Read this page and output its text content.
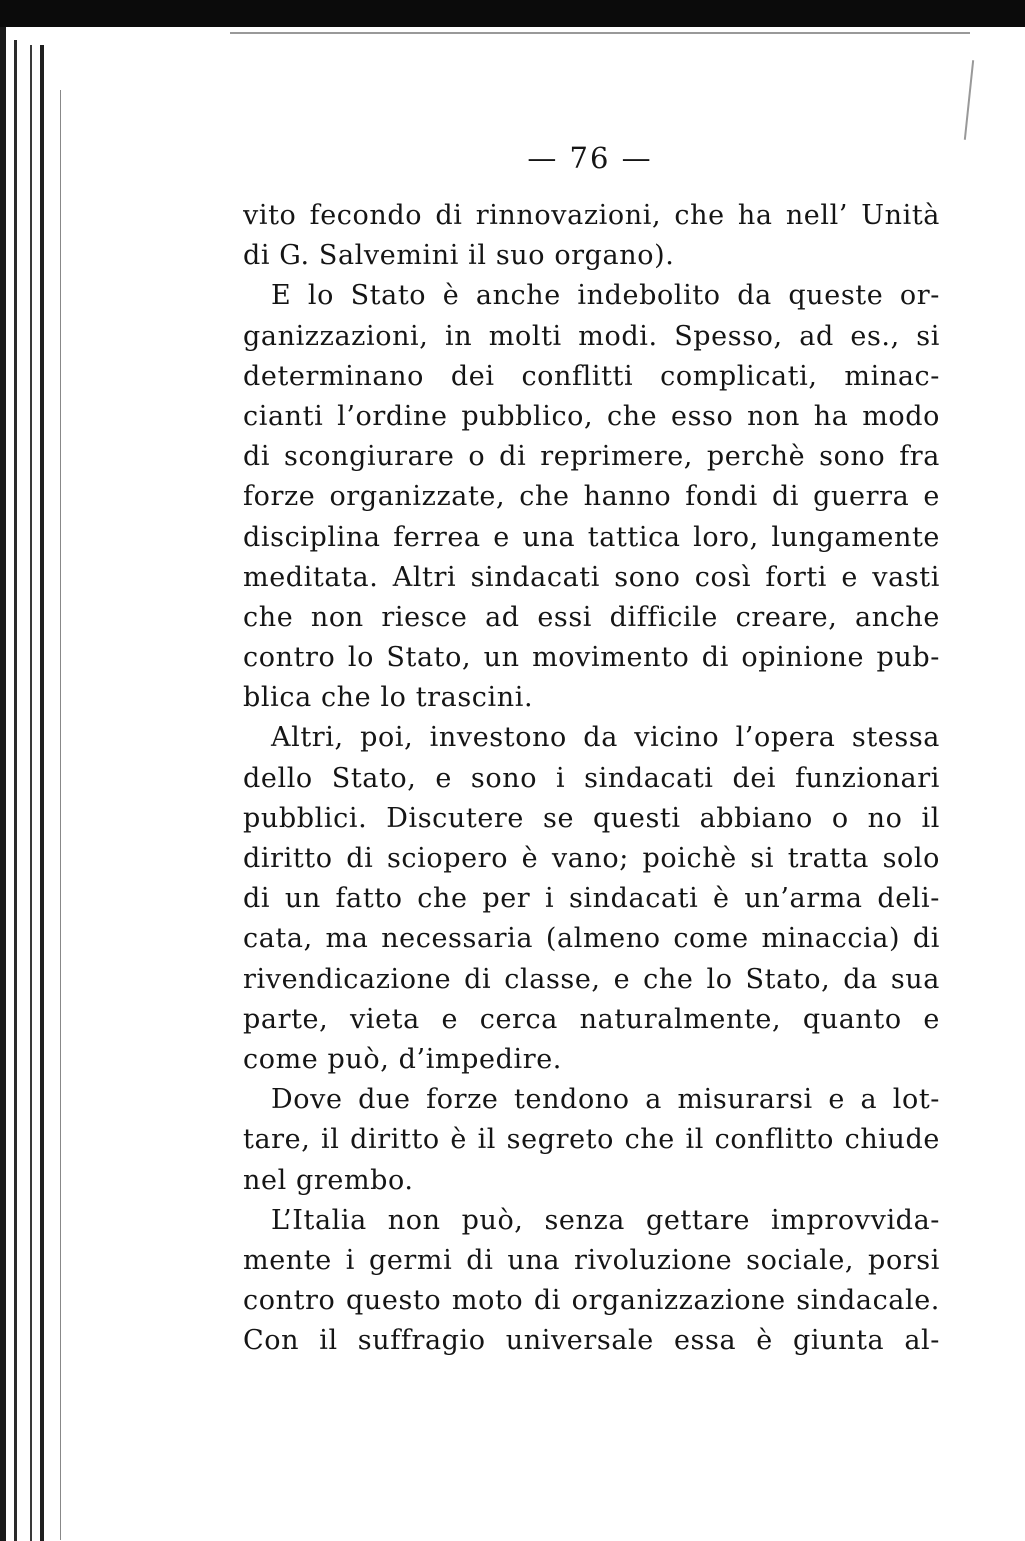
— 76 —
vito fecondo di rinnovazioni, che ha nell’ Unità
di G. Salvemini il suo organo).
E lo Stato è anche indebolito da queste or-
ganizzazioni, in molti modi. Spesso, ad es., si
determinano dei conflitti complicati, minac-
cianti l’ordine pubblico, che esso non ha modo
di scongiurare o di reprimere, perchè sono fra
forze organizzate, che hanno fondi di guerra e
disciplina ferrea e una tattica loro, lungamente
meditata. Altri sindacati sono così forti e vasti
che non riesce ad essi difficile creare, anche
contro lo Stato, un movimento di opinione pub-
blica che lo trascini.
Altri, poi, investono da vicino l’opera stessa
dello Stato, e sono i sindacati dei funzionari
pubblici. Discutere se questi abbiano o no il
diritto di sciopero è vano; poichè si tratta solo
di un fatto che per i sindacati è un’arma deli-
cata, ma necessaria (almeno come minaccia) di
rivendicazione di classe, e che lo Stato, da sua
parte, vieta e cerca naturalmente, quanto e
come può, d’impedire.
Dove due forze tendono a misurarsi e a lot-
tare, il diritto è il segreto che il conflitto chiude
nel grembo.
L’Italia non può, senza gettare improvvida-
mente i germi di una rivoluzione sociale, porsi
contro questo moto di organizzazione sindacale.
Con il suffragio universale essa è giunta al-
